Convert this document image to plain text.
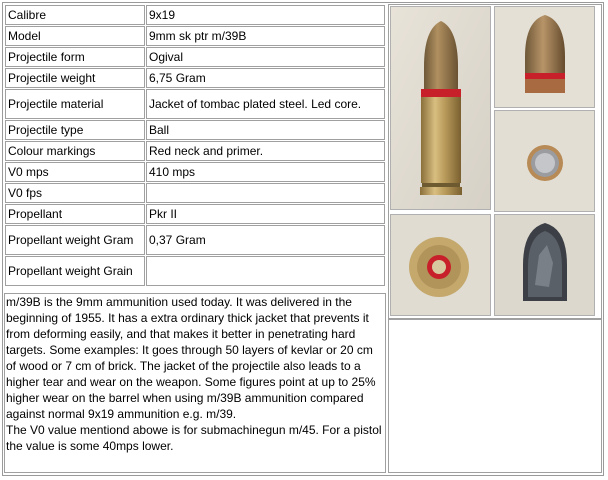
Calibre	9x19
Model	9mm sk ptr m/39B
Projectile form	Ogival
Projectile weight	6,75 Gram
Projectile material	Jacket of tombac plated steel. Led core.
Projectile type	Ball
Colour markings	Red neck and primer.
V0 mps	410 mps
V0 fps	
Propellant	Pkr II
Propellant weight Gram	0,37 Gram
Propellant weight Grain	

m/39B is the 9mm ammunition used today. It was delivered in the beginning of 1955. It has a extra ordinary thick jacket that prevents it from deforming easily, and that makes it better in penetrating hard targets. Some examples: It goes through 50 layers of kevlar or 20 cm of wood or 7 cm of brick. The jacket of the projectile also leads to a higher tear and wear on the weapon. Some figures point at up to 25% higher wear on the barrel when using m/39B ammunition compared against normal 9x19 ammunition e.g. m/39.

The V0 value mentiond abowe is for submachinegun m/45. For a pistol the value is some 40mps lower.
